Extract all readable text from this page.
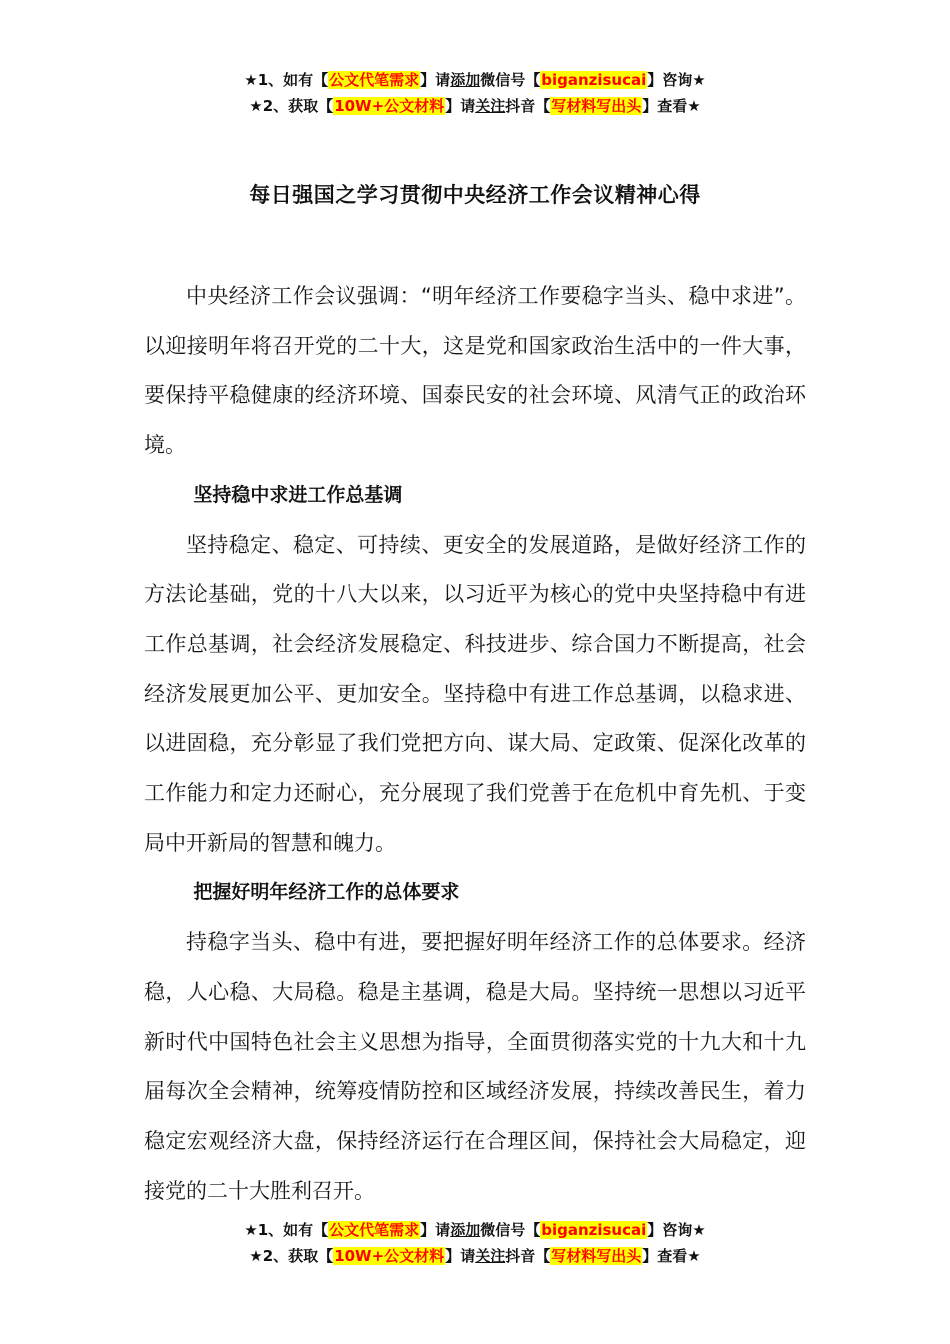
★1、如有【公文代笔需求】请添加微信号【biganzisucai】咨询★
★2、获取【10W+公文材料】请关注抖音【写材料写出头】查看★
每日强国之学习贯彻中央经济工作会议精神心得

中央经济工作会议强调：“明年经济工作要稳字当头、稳中求进”。以迎接明年将召开党的二十大，这是党和国家政治生活中的一件大事，要保持平稳健康的经济环境、国泰民安的社会环境、风清气正的政治环境。

坚持稳中求进工作总基调

坚持稳定、稳定、可持续、更安全的发展道路，是做好经济工作的方法论基础，党的十八大以来，以习近平为核心的党中央坚持稳中有进工作总基调，社会经济发展稳定、科技进步、综合国力不断提高，社会经济发展更加公平、更加安全。坚持稳中有进工作总基调，以稳求进、以进固稳，充分彰显了我们党把方向、谋大局、定政策、促深化改革的工作能力和定力还耐心，充分展现了我们党善于在危机中育先机、于变局中开新局的智慧和魄力。

把握好明年经济工作的总体要求

持稳字当头、稳中有进，要把握好明年经济工作的总体要求。经济稳，人心稳、大局稳。稳是主基调，稳是大局。坚持统一思想以习近平新时代中国特色社会主义思想为指导，全面贯彻落实党的十九大和十九届每次全会精神，统筹疫情防控和区域经济发展，持续改善民生，着力稳定宏观经济大盘，保持经济运行在合理区间，保持社会大局稳定，迎接党的二十大胜利召开。

★1、如有【公文代笔需求】请添加微信号【biganzisucai】咨询★
★2、获取【10W+公文材料】请关注抖音【写材料写出头】查看★
